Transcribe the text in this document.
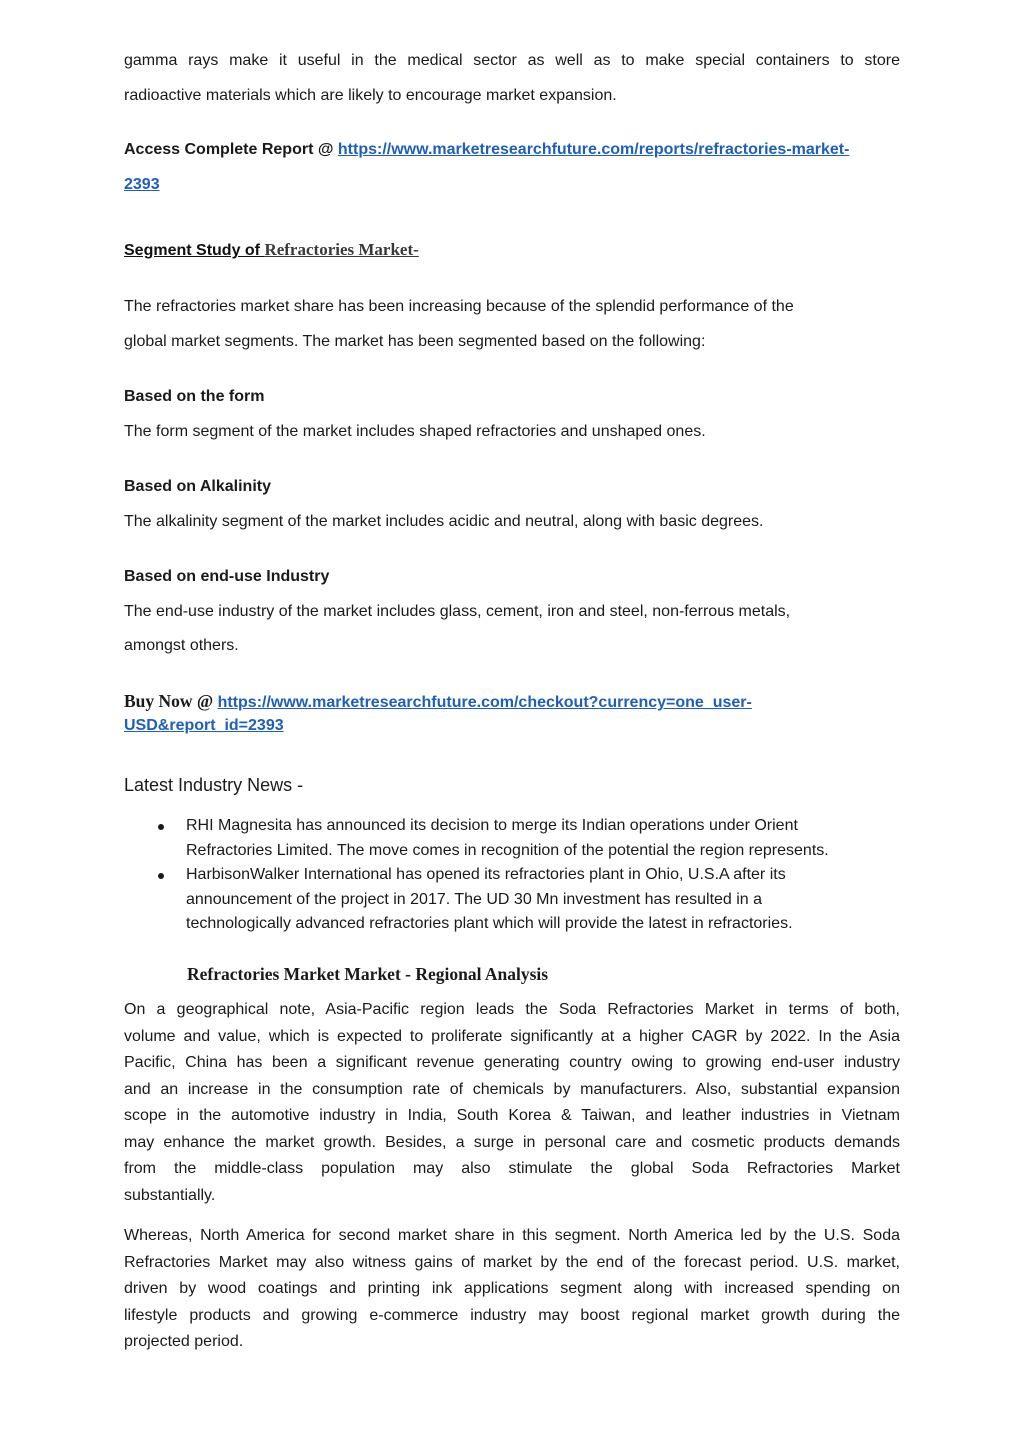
gamma rays make it useful in the medical sector as well as to make special containers to store

radioactive materials which are likely to encourage market expansion.

Access Complete Report @ https://www.marketresearchfuture.com/reports/refractories-market-

2393

Segment Study of Refractories Market-

The refractories market share has been increasing because of the splendid performance of the

global market segments. The market has been segmented based on the following:

Based on the form

The form segment of the market includes shaped refractories and unshaped ones.

Based on Alkalinity

The alkalinity segment of the market includes acidic and neutral, along with basic degrees.

Based on end-use Industry

The end-use industry of the market includes glass, cement, iron and steel, non-ferrous metals,

amongst others.

Buy Now @ https://www.marketresearchfuture.com/checkout?currency=one_user-
USD&report_id=2393

Latest Industry News -

RHI Magnesita has announced its decision to merge its Indian operations under Orient
Refractories Limited. The move comes in recognition of the potential the region represents.
HarbisonWalker International has opened its refractories plant in Ohio, U.S.A after its
announcement of the project in 2017. The UD 30 Mn investment has resulted in a
technologically advanced refractories plant which will provide the latest in refractories.

Refractories Market Market - Regional Analysis

On a geographical note, Asia-Pacific region leads the Soda Refractories Market in terms of both,
volume and value, which is expected to proliferate significantly at a higher CAGR by 2022. In the Asia
Pacific, China has been a significant revenue generating country owing to growing end-user industry
and an increase in the consumption rate of chemicals by manufacturers. Also, substantial expansion
scope in the automotive industry in India, South Korea & Taiwan, and leather industries in Vietnam
may enhance the market growth. Besides, a surge in personal care and cosmetic products demands
from the middle-class population may also stimulate the global Soda Refractories Market
substantially.
Whereas, North America for second market share in this segment. North America led by the U.S. Soda
Refractories Market may also witness gains of market by the end of the forecast period. U.S. market,
driven by wood coatings and printing ink applications segment along with increased spending on
lifestyle products and growing e-commerce industry may boost regional market growth during the
projected period.
